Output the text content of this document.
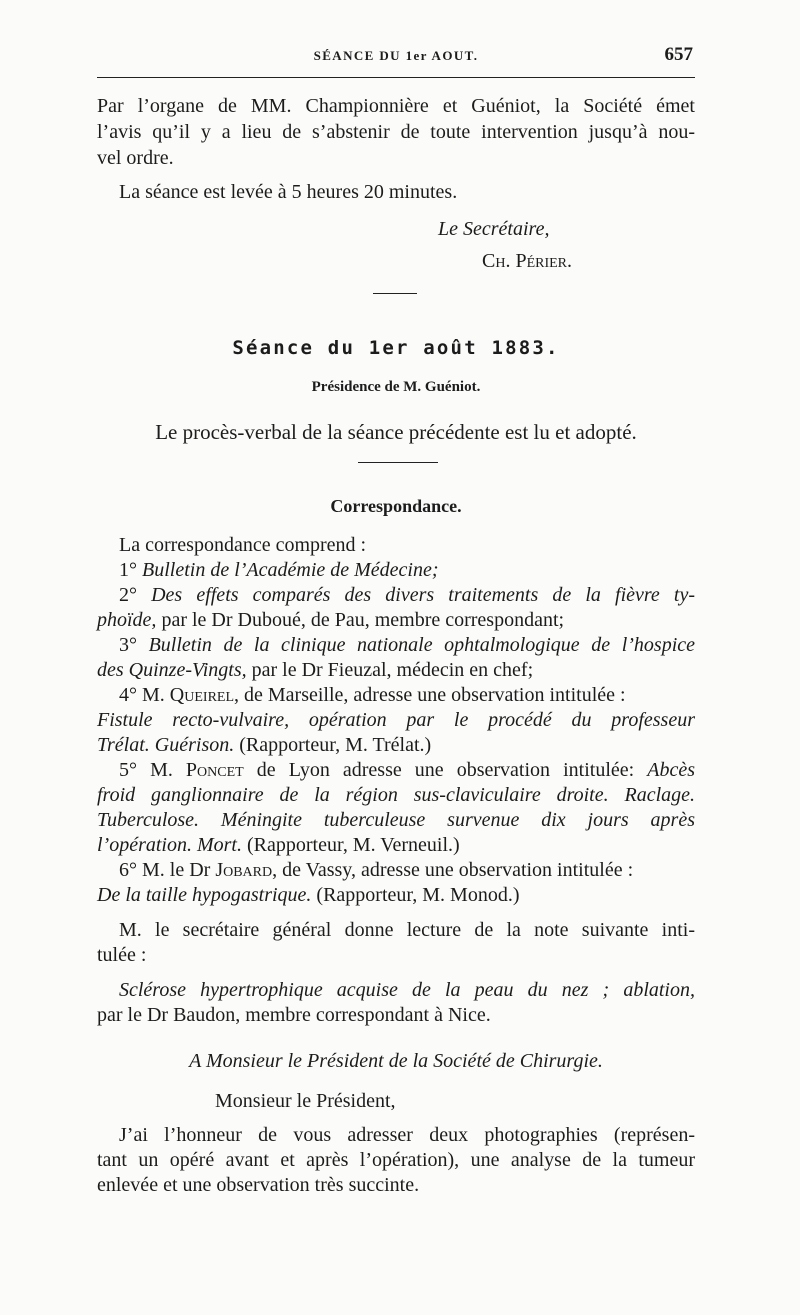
SÉANCE DU 1er AOUT.	657
Par l’organe de MM. Championnière et Guéniot, la Société émet
l’avis qu’il y a lieu de s’abstenir de toute intervention jusqu’à nou-
vel ordre.
La séance est levée à 5 heures 20 minutes.
Le Secrétaire,
Ch. Périer.
Séance du 1er août 1883.
Présidence de M. Guéniot.
Le procès-verbal de la séance précédente est lu et adopté.
Correspondance.
La correspondance comprend :
1° Bulletin de l’Académie de Médecine;
2° Des effets comparés des divers traitements de la fièvre ty-
phoïde, par le Dr Duboué, de Pau, membre correspondant;
3° Bulletin de la clinique nationale ophtalmologique de l’hospice
des Quinze-Vingts, par le Dr Fieuzal, médecin en chef;
4° M. Queirel, de Marseille, adresse une observation intitulée :
Fistule recto-vulvaire, opération par le procédé du professeur
Trélat. Guérison. (Rapporteur, M. Trélat.)
5° M. Poncet de Lyon adresse une observation intitulée: Abcès
froid ganglionnaire de la région sus-claviculaire droite. Raclage.
Tuberculose. Méningite tuberculeuse survenue dix jours après
l’opération. Mort. (Rapporteur, M. Verneuil.)
6° M. le Dr Jobard, de Vassy, adresse une observation intitulée :
De la taille hypogastrique. (Rapporteur, M. Monod.)
M. le secrétaire général donne lecture de la note suivante inti-
tulée :
Sclérose hypertrophique acquise de la peau du nez ; ablation,
par le Dr Baudon, membre correspondant à Nice.
A Monsieur le Président de la Société de Chirurgie.
Monsieur le Président,
J’ai l’honneur de vous adresser deux photographies (représen-
tant un opéré avant et après l’opération), une analyse de la tumeur
enlevée et une observation très succinte.
